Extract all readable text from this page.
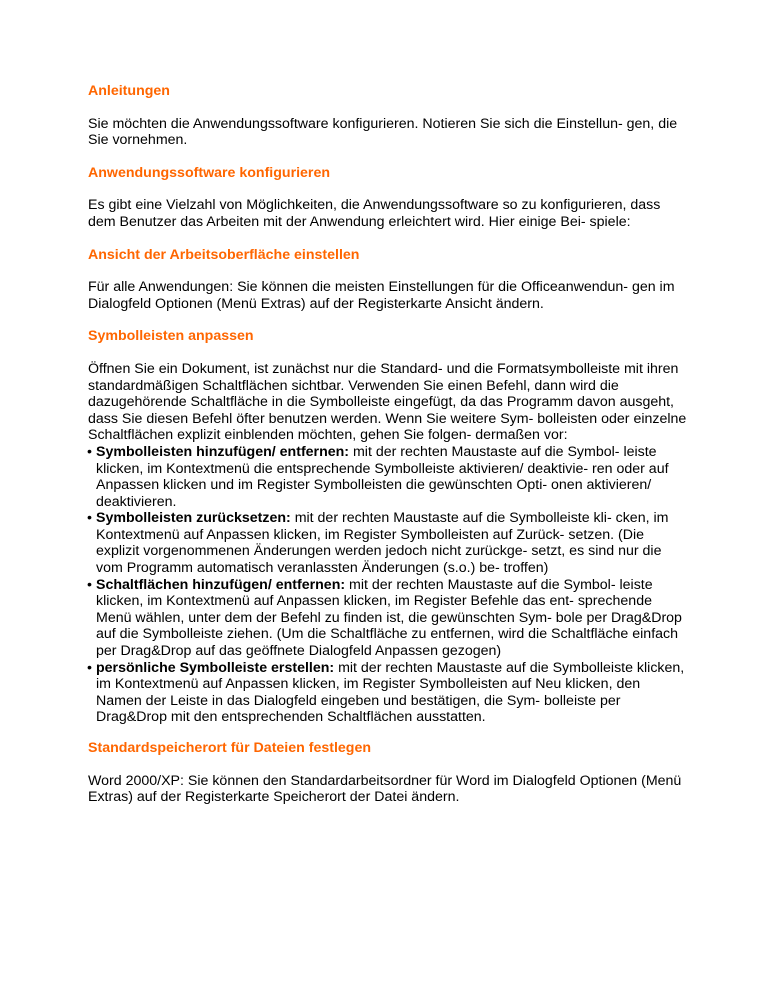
Anleitungen

Sie möchten die Anwendungssoftware konfigurieren. Notieren Sie sich die Einstellun- gen, die Sie vornehmen.

Anwendungssoftware konfigurieren

Es gibt eine Vielzahl von Möglichkeiten, die Anwendungssoftware so zu konfigurieren, dass dem Benutzer das Arbeiten mit der Anwendung erleichtert wird. Hier einige Bei- spiele:

Ansicht der Arbeitsoberfläche einstellen

Für alle Anwendungen: Sie können die meisten Einstellungen für die Officeanwendun- gen im Dialogfeld Optionen (Menü Extras) auf der Registerkarte Ansicht ändern.

Symbolleisten anpassen

Öffnen Sie ein Dokument, ist zunächst nur die Standard- und die Formatsymbolleiste mit ihren standardmäßigen Schaltflächen sichtbar. Verwenden Sie einen Befehl, dann wird die dazugehörende Schaltfläche in die Symbolleiste eingefügt, da das Programm davon ausgeht, dass Sie diesen Befehl öfter benutzen werden. Wenn Sie weitere Sym- bolleisten oder einzelne Schaltflächen explizit einblenden möchten, gehen Sie folgen- dermaßen vor:

• Symbolleisten hinzufügen/ entfernen: mit der rechten Maustaste auf die Symbol- leiste klicken, im Kontextmenü die entsprechende Symbolleiste aktivieren/ deaktivie- ren oder auf Anpassen klicken und im Register Symbolleisten die gewünschten Opti- onen aktivieren/ deaktivieren.
• Symbolleisten zurücksetzen: mit der rechten Maustaste auf die Symbolleiste kli- cken, im Kontextmenü auf Anpassen klicken, im Register Symbolleisten auf Zurück- setzen. (Die explizit vorgenommenen Änderungen werden jedoch nicht zurückge- setzt, es sind nur die vom Programm automatisch veranlassten Änderungen (s.o.) be- troffen)
• Schaltflächen hinzufügen/ entfernen: mit der rechten Maustaste auf die Symbol- leiste klicken, im Kontextmenü auf Anpassen klicken, im Register Befehle das ent- sprechende Menü wählen, unter dem der Befehl zu finden ist, die gewünschten Sym- bole per Drag&Drop auf die Symbolleiste ziehen. (Um die Schaltfläche zu entfernen, wird die Schaltfläche einfach per Drag&Drop auf das geöffnete Dialogfeld Anpassen gezogen)
• persönliche Symbolleiste erstellen: mit der rechten Maustaste auf die Symbolleiste klicken, im Kontextmenü auf Anpassen klicken, im Register Symbolleisten auf Neu klicken, den Namen der Leiste in das Dialogfeld eingeben und bestätigen, die Sym- bolleiste per Drag&Drop mit den entsprechenden Schaltflächen ausstatten.
Standardspeicherort für Dateien festlegen

Word 2000/XP: Sie können den Standardarbeitsordner für Word im Dialogfeld Optionen (Menü Extras) auf der Registerkarte Speicherort der Datei ändern.
